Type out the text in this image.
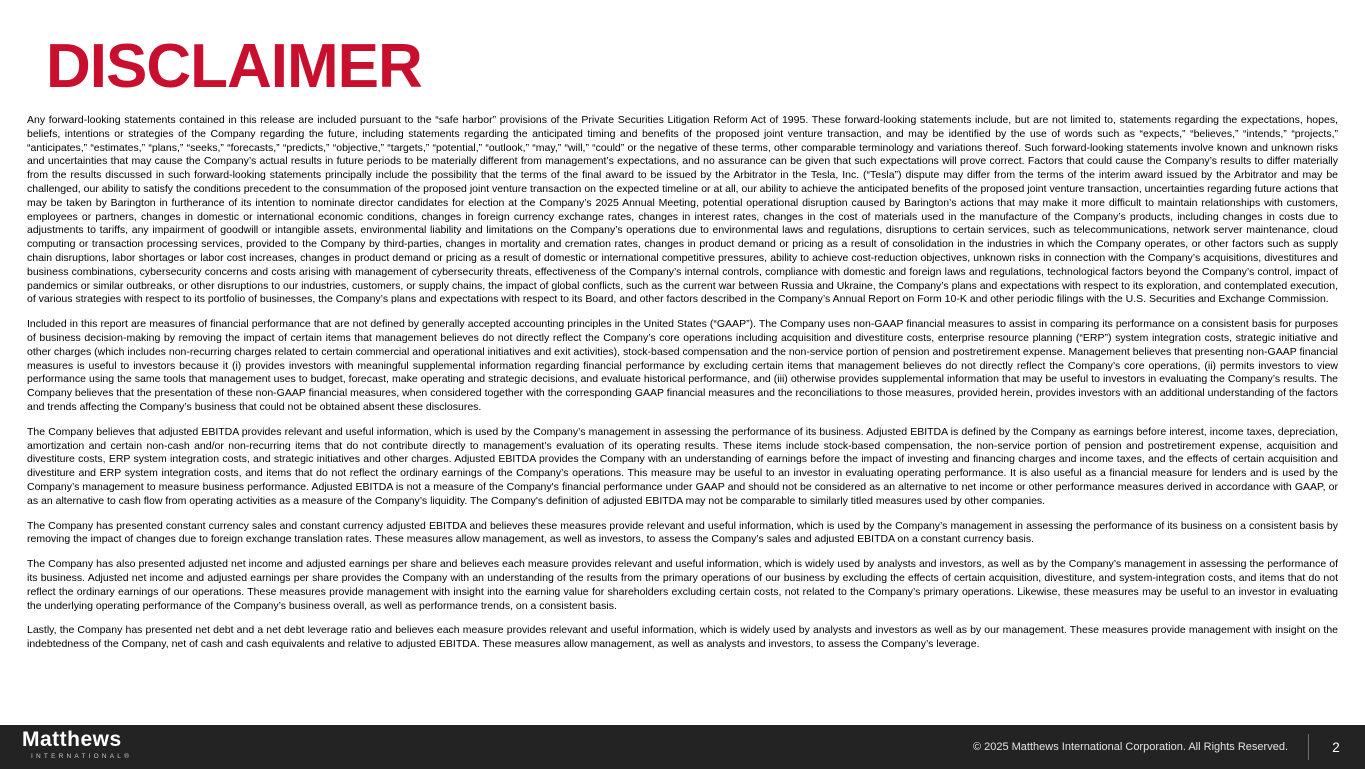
DISCLAIMER

Any forward-looking statements contained in this release are included pursuant to the “safe harbor” provisions of the Private Securities Litigation Reform Act of 1995. These forward-looking statements include, but are not limited to, statements regarding the expectations, hopes, beliefs, intentions or strategies of the Company regarding the future, including statements regarding the anticipated timing and benefits of the proposed joint venture transaction, and may be identified by the use of words such as “expects,” “believes,” “intends,” “projects,” “anticipates,” “estimates,” “plans,” “seeks,” “forecasts,” “predicts,” “objective,” “targets,” “potential,” “outlook,” “may,” “will,” “could” or the negative of these terms, other comparable terminology and variations thereof. Such forward-looking statements involve known and unknown risks and uncertainties that may cause the Company’s actual results in future periods to be materially different from management’s expectations, and no assurance can be given that such expectations will prove correct. Factors that could cause the Company’s results to differ materially from the results discussed in such forward-looking statements principally include the possibility that the terms of the final award to be issued by the Arbitrator in the Tesla, Inc. (“Tesla”) dispute may differ from the terms of the interim award issued by the Arbitrator and may be challenged, our ability to satisfy the conditions precedent to the consummation of the proposed joint venture transaction on the expected timeline or at all, our ability to achieve the anticipated benefits of the proposed joint venture transaction, uncertainties regarding future actions that may be taken by Barington in furtherance of its intention to nominate director candidates for election at the Company’s 2025 Annual Meeting, potential operational disruption caused by Barington’s actions that may make it more difficult to maintain relationships with customers, employees or partners, changes in domestic or international economic conditions, changes in foreign currency exchange rates, changes in interest rates, changes in the cost of materials used in the manufacture of the Company’s products, including changes in costs due to adjustments to tariffs, any impairment of goodwill or intangible assets, environmental liability and limitations on the Company’s operations due to environmental laws and regulations, disruptions to certain services, such as telecommunications, network server maintenance, cloud computing or transaction processing services, provided to the Company by third-parties, changes in mortality and cremation rates, changes in product demand or pricing as a result of consolidation in the industries in which the Company operates, or other factors such as supply chain disruptions, labor shortages or labor cost increases, changes in product demand or pricing as a result of domestic or international competitive pressures, ability to achieve cost-reduction objectives, unknown risks in connection with the Company’s acquisitions, divestitures and business combinations, cybersecurity concerns and costs arising with management of cybersecurity threats, effectiveness of the Company’s internal controls, compliance with domestic and foreign laws and regulations, technological factors beyond the Company’s control, impact of pandemics or similar outbreaks, or other disruptions to our industries, customers, or supply chains, the impact of global conflicts, such as the current war between Russia and Ukraine, the Company’s plans and expectations with respect to its exploration, and contemplated execution, of various strategies with respect to its portfolio of businesses, the Company’s plans and expectations with respect to its Board, and other factors described in the Company’s Annual Report on Form 10-K and other periodic filings with the U.S. Securities and Exchange Commission.

Included in this report are measures of financial performance that are not defined by generally accepted accounting principles in the United States (“GAAP”). The Company uses non-GAAP financial measures to assist in comparing its performance on a consistent basis for purposes of business decision-making by removing the impact of certain items that management believes do not directly reflect the Company’s core operations including acquisition and divestiture costs, enterprise resource planning (“ERP”) system integration costs, strategic initiative and other charges (which includes non-recurring charges related to certain commercial and operational initiatives and exit activities), stock-based compensation and the non-service portion of pension and postretirement expense. Management believes that presenting non-GAAP financial measures is useful to investors because it (i) provides investors with meaningful supplemental information regarding financial performance by excluding certain items that management believes do not directly reflect the Company’s core operations, (ii) permits investors to view performance using the same tools that management uses to budget, forecast, make operating and strategic decisions, and evaluate historical performance, and (iii) otherwise provides supplemental information that may be useful to investors in evaluating the Company’s results. The Company believes that the presentation of these non-GAAP financial measures, when considered together with the corresponding GAAP financial measures and the reconciliations to those measures, provided herein, provides investors with an additional understanding of the factors and trends affecting the Company’s business that could not be obtained absent these disclosures.

The Company believes that adjusted EBITDA provides relevant and useful information, which is used by the Company’s management in assessing the performance of its business. Adjusted EBITDA is defined by the Company as earnings before interest, income taxes, depreciation, amortization and certain non-cash and/or non-recurring items that do not contribute directly to management’s evaluation of its operating results. These items include stock-based compensation, the non-service portion of pension and postretirement expense, acquisition and divestiture costs, ERP system integration costs, and strategic initiatives and other charges. Adjusted EBITDA provides the Company with an understanding of earnings before the impact of investing and financing charges and income taxes, and the effects of certain acquisition and divestiture and ERP system integration costs, and items that do not reflect the ordinary earnings of the Company’s operations. This measure may be useful to an investor in evaluating operating performance. It is also useful as a financial measure for lenders and is used by the Company’s management to measure business performance. Adjusted EBITDA is not a measure of the Company's financial performance under GAAP and should not be considered as an alternative to net income or other performance measures derived in accordance with GAAP, or as an alternative to cash flow from operating activities as a measure of the Company’s liquidity. The Company's definition of adjusted EBITDA may not be comparable to similarly titled measures used by other companies.

The Company has presented constant currency sales and constant currency adjusted EBITDA and believes these measures provide relevant and useful information, which is used by the Company’s management in assessing the performance of its business on a consistent basis by removing the impact of changes due to foreign exchange translation rates. These measures allow management, as well as investors, to assess the Company’s sales and adjusted EBITDA on a constant currency basis.

The Company has also presented adjusted net income and adjusted earnings per share and believes each measure provides relevant and useful information, which is widely used by analysts and investors, as well as by the Company’s management in assessing the performance of its business. Adjusted net income and adjusted earnings per share provides the Company with an understanding of the results from the primary operations of our business by excluding the effects of certain acquisition, divestiture, and system-integration costs, and items that do not reflect the ordinary earnings of our operations. These measures provide management with insight into the earning value for shareholders excluding certain costs, not related to the Company’s primary operations. Likewise, these measures may be useful to an investor in evaluating the underlying operating performance of the Company’s business overall, as well as performance trends, on a consistent basis.

Lastly, the Company has presented net debt and a net debt leverage ratio and believes each measure provides relevant and useful information, which is widely used by analysts and investors as well as by our management. These measures provide management with insight on the indebtedness of the Company, net of cash and cash equivalents and relative to adjusted EBITDA. These measures allow management, as well as analysts and investors, to assess the Company’s leverage.

Matthews
INTERNATIONAL®
© 2025 Matthews International Corporation. All Rights Reserved.	2
